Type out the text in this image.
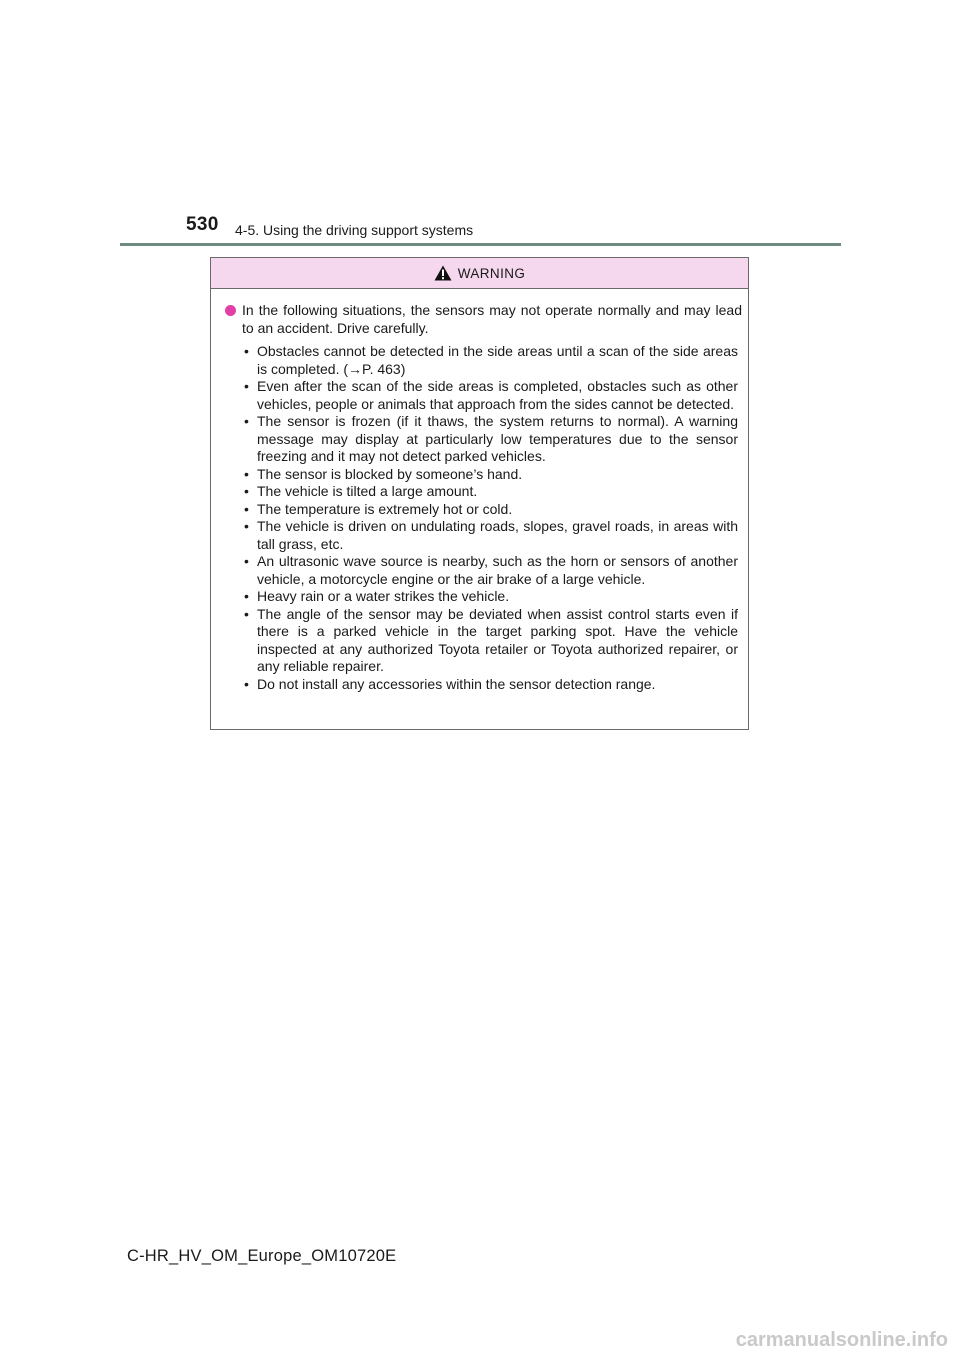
530 4-5. Using the driving support systems
WARNING
In the following situations, the sensors may not operate normally and may lead to an accident. Drive carefully.
• Obstacles cannot be detected in the side areas until a scan of the side areas is completed. (→P. 463)
• Even after the scan of the side areas is completed, obstacles such as other vehicles, people or animals that approach from the sides cannot be detected.
• The sensor is frozen (if it thaws, the system returns to normal). A warning message may display at particularly low temperatures due to the sensor freezing and it may not detect parked vehicles.
• The sensor is blocked by someone’s hand.
• The vehicle is tilted a large amount.
• The temperature is extremely hot or cold.
• The vehicle is driven on undulating roads, slopes, gravel roads, in areas with tall grass, etc.
• An ultrasonic wave source is nearby, such as the horn or sensors of another vehicle, a motorcycle engine or the air brake of a large vehicle.
• Heavy rain or a water strikes the vehicle.
• The angle of the sensor may be deviated when assist control starts even if there is a parked vehicle in the target parking spot. Have the vehicle inspected at any authorized Toyota retailer or Toyota authorized repairer, or any reliable repairer.
• Do not install any accessories within the sensor detection range.
C-HR_HV_OM_Europe_OM10720E
carmanualsonline.info
